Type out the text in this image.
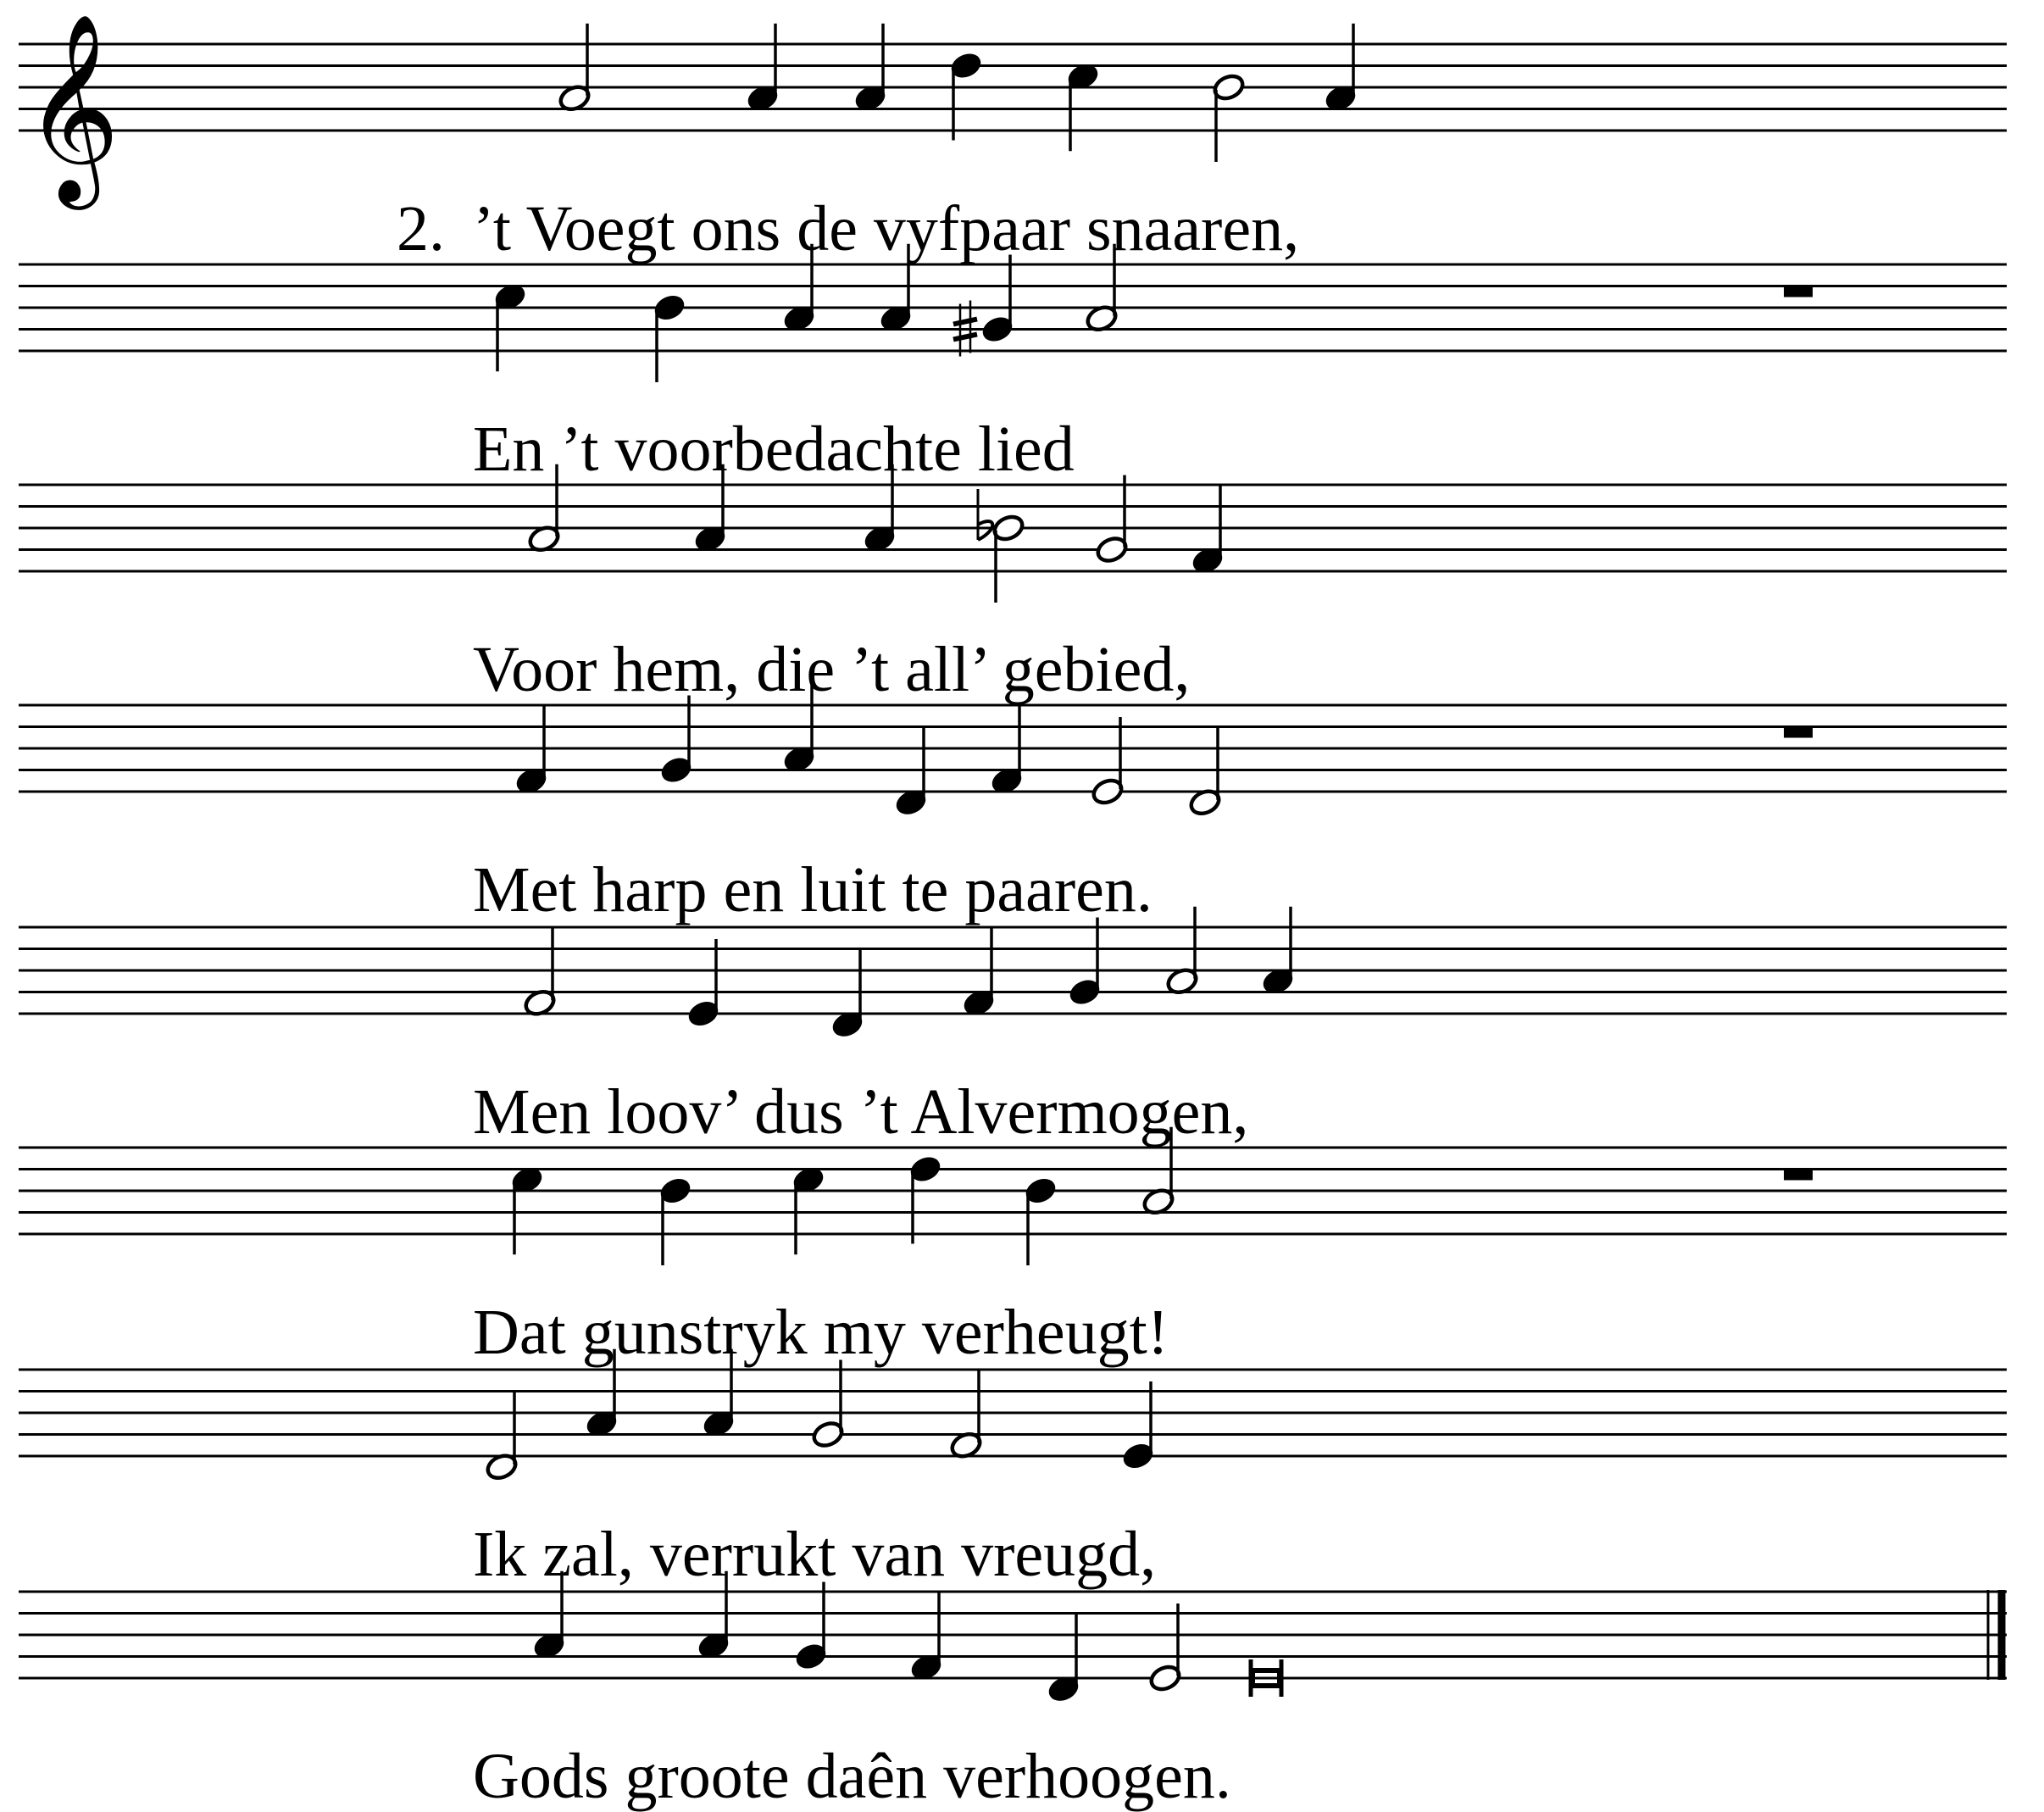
𝄞
’t Voegt ons de vyfpaar snaaren,
2.
En ’t voorbedachte lied
Voor hem, die ’t all’ gebied,
Met harp en luit te paaren.
Men loov’ dus ’t Alvermogen,
Dat gunstryk my verheugt!
Ik zal, verrukt van vreugd,
Gods groote daên verhoogen.
